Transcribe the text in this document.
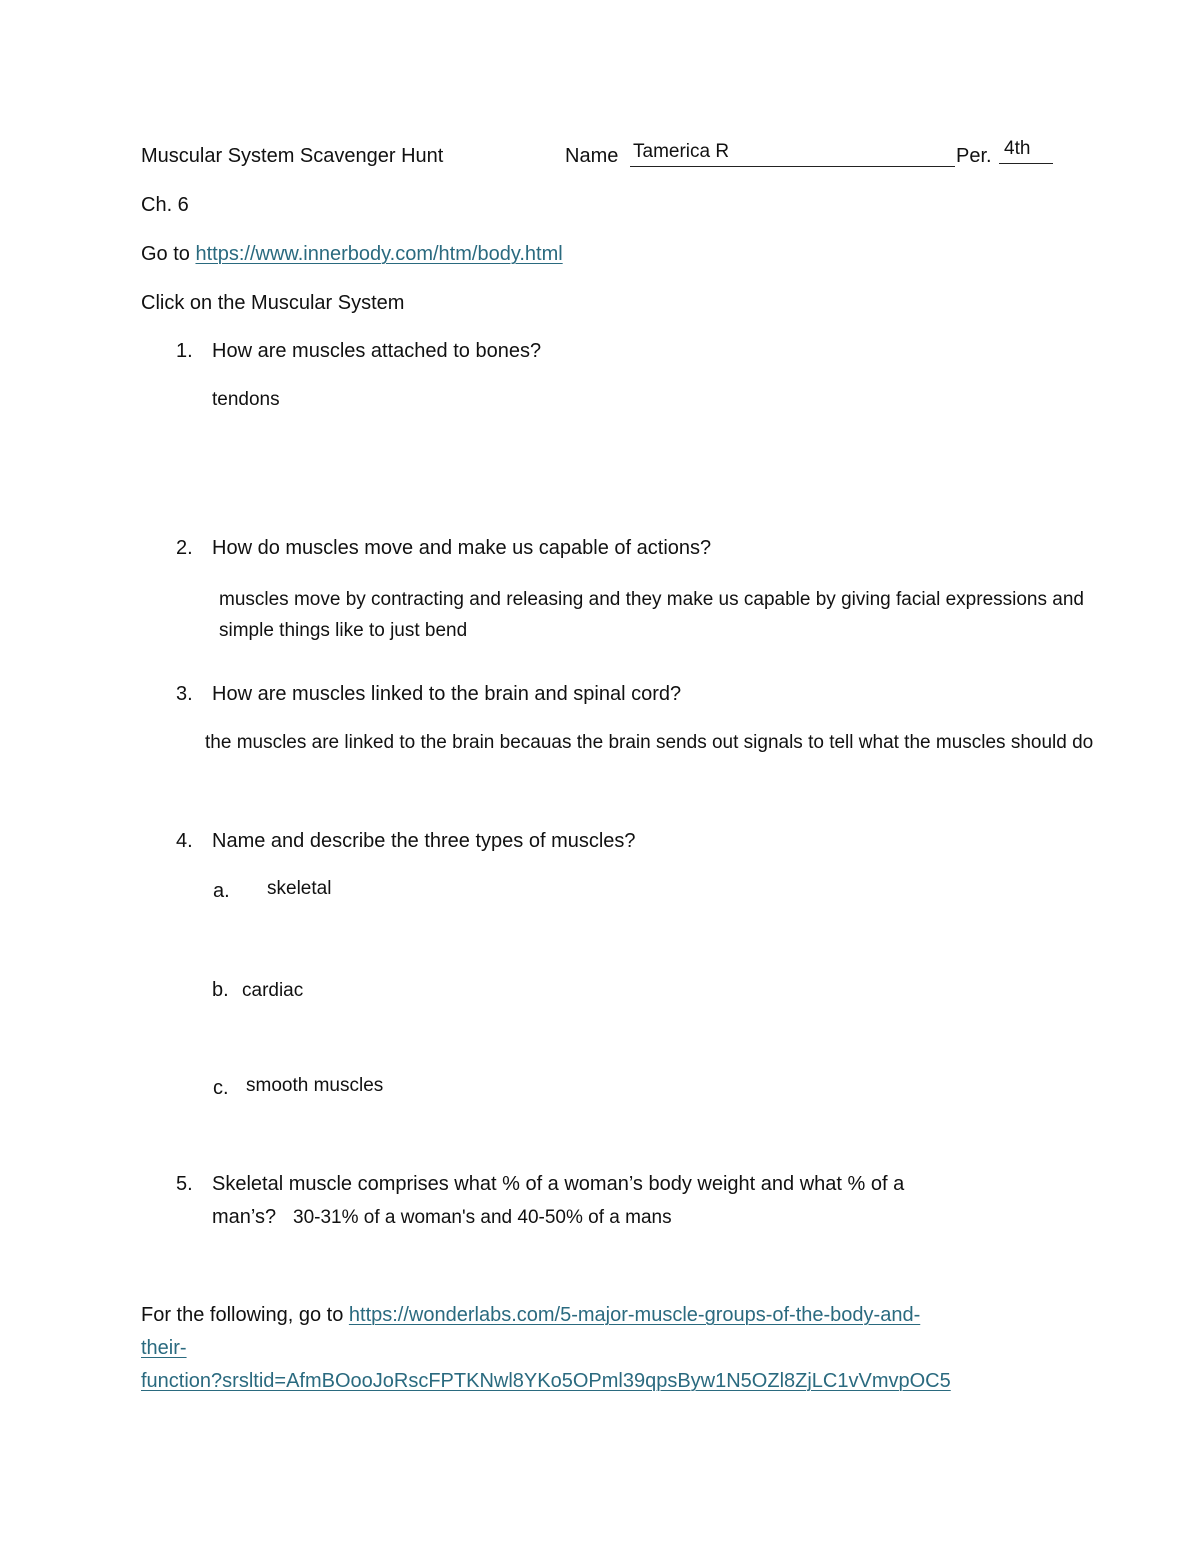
Muscular System Scavenger Hunt	Name Tamerica R	Per. 4th
Ch. 6
Go to https://www.innerbody.com/htm/body.html
Click on the Muscular System
1. How are muscles attached to bones?
tendons
2. How do muscles move and make us capable of actions?
muscles move by contracting and releasing and they make us capable by giving facial expressions and
simple things like to just bend
3. How are muscles linked to the brain and spinal cord?
the muscles are linked to the brain becauas the brain sends out signals to tell what the muscles should do
4. Name and describe the three types of muscles?
a. skeletal
b. cardiac
c. smooth muscles
5. Skeletal muscle comprises what % of a woman’s body weight and what % of a
man’s? 30-31% of a woman's and 40-50% of a mans
For the following, go to https://wonderlabs.com/5-major-muscle-groups-of-the-body-and-
their-
function?srsltid=AfmBOooJoRscFPTKNwl8YKo5OPml39qpsByw1N5OZl8ZjLC1vVmvpOC5
